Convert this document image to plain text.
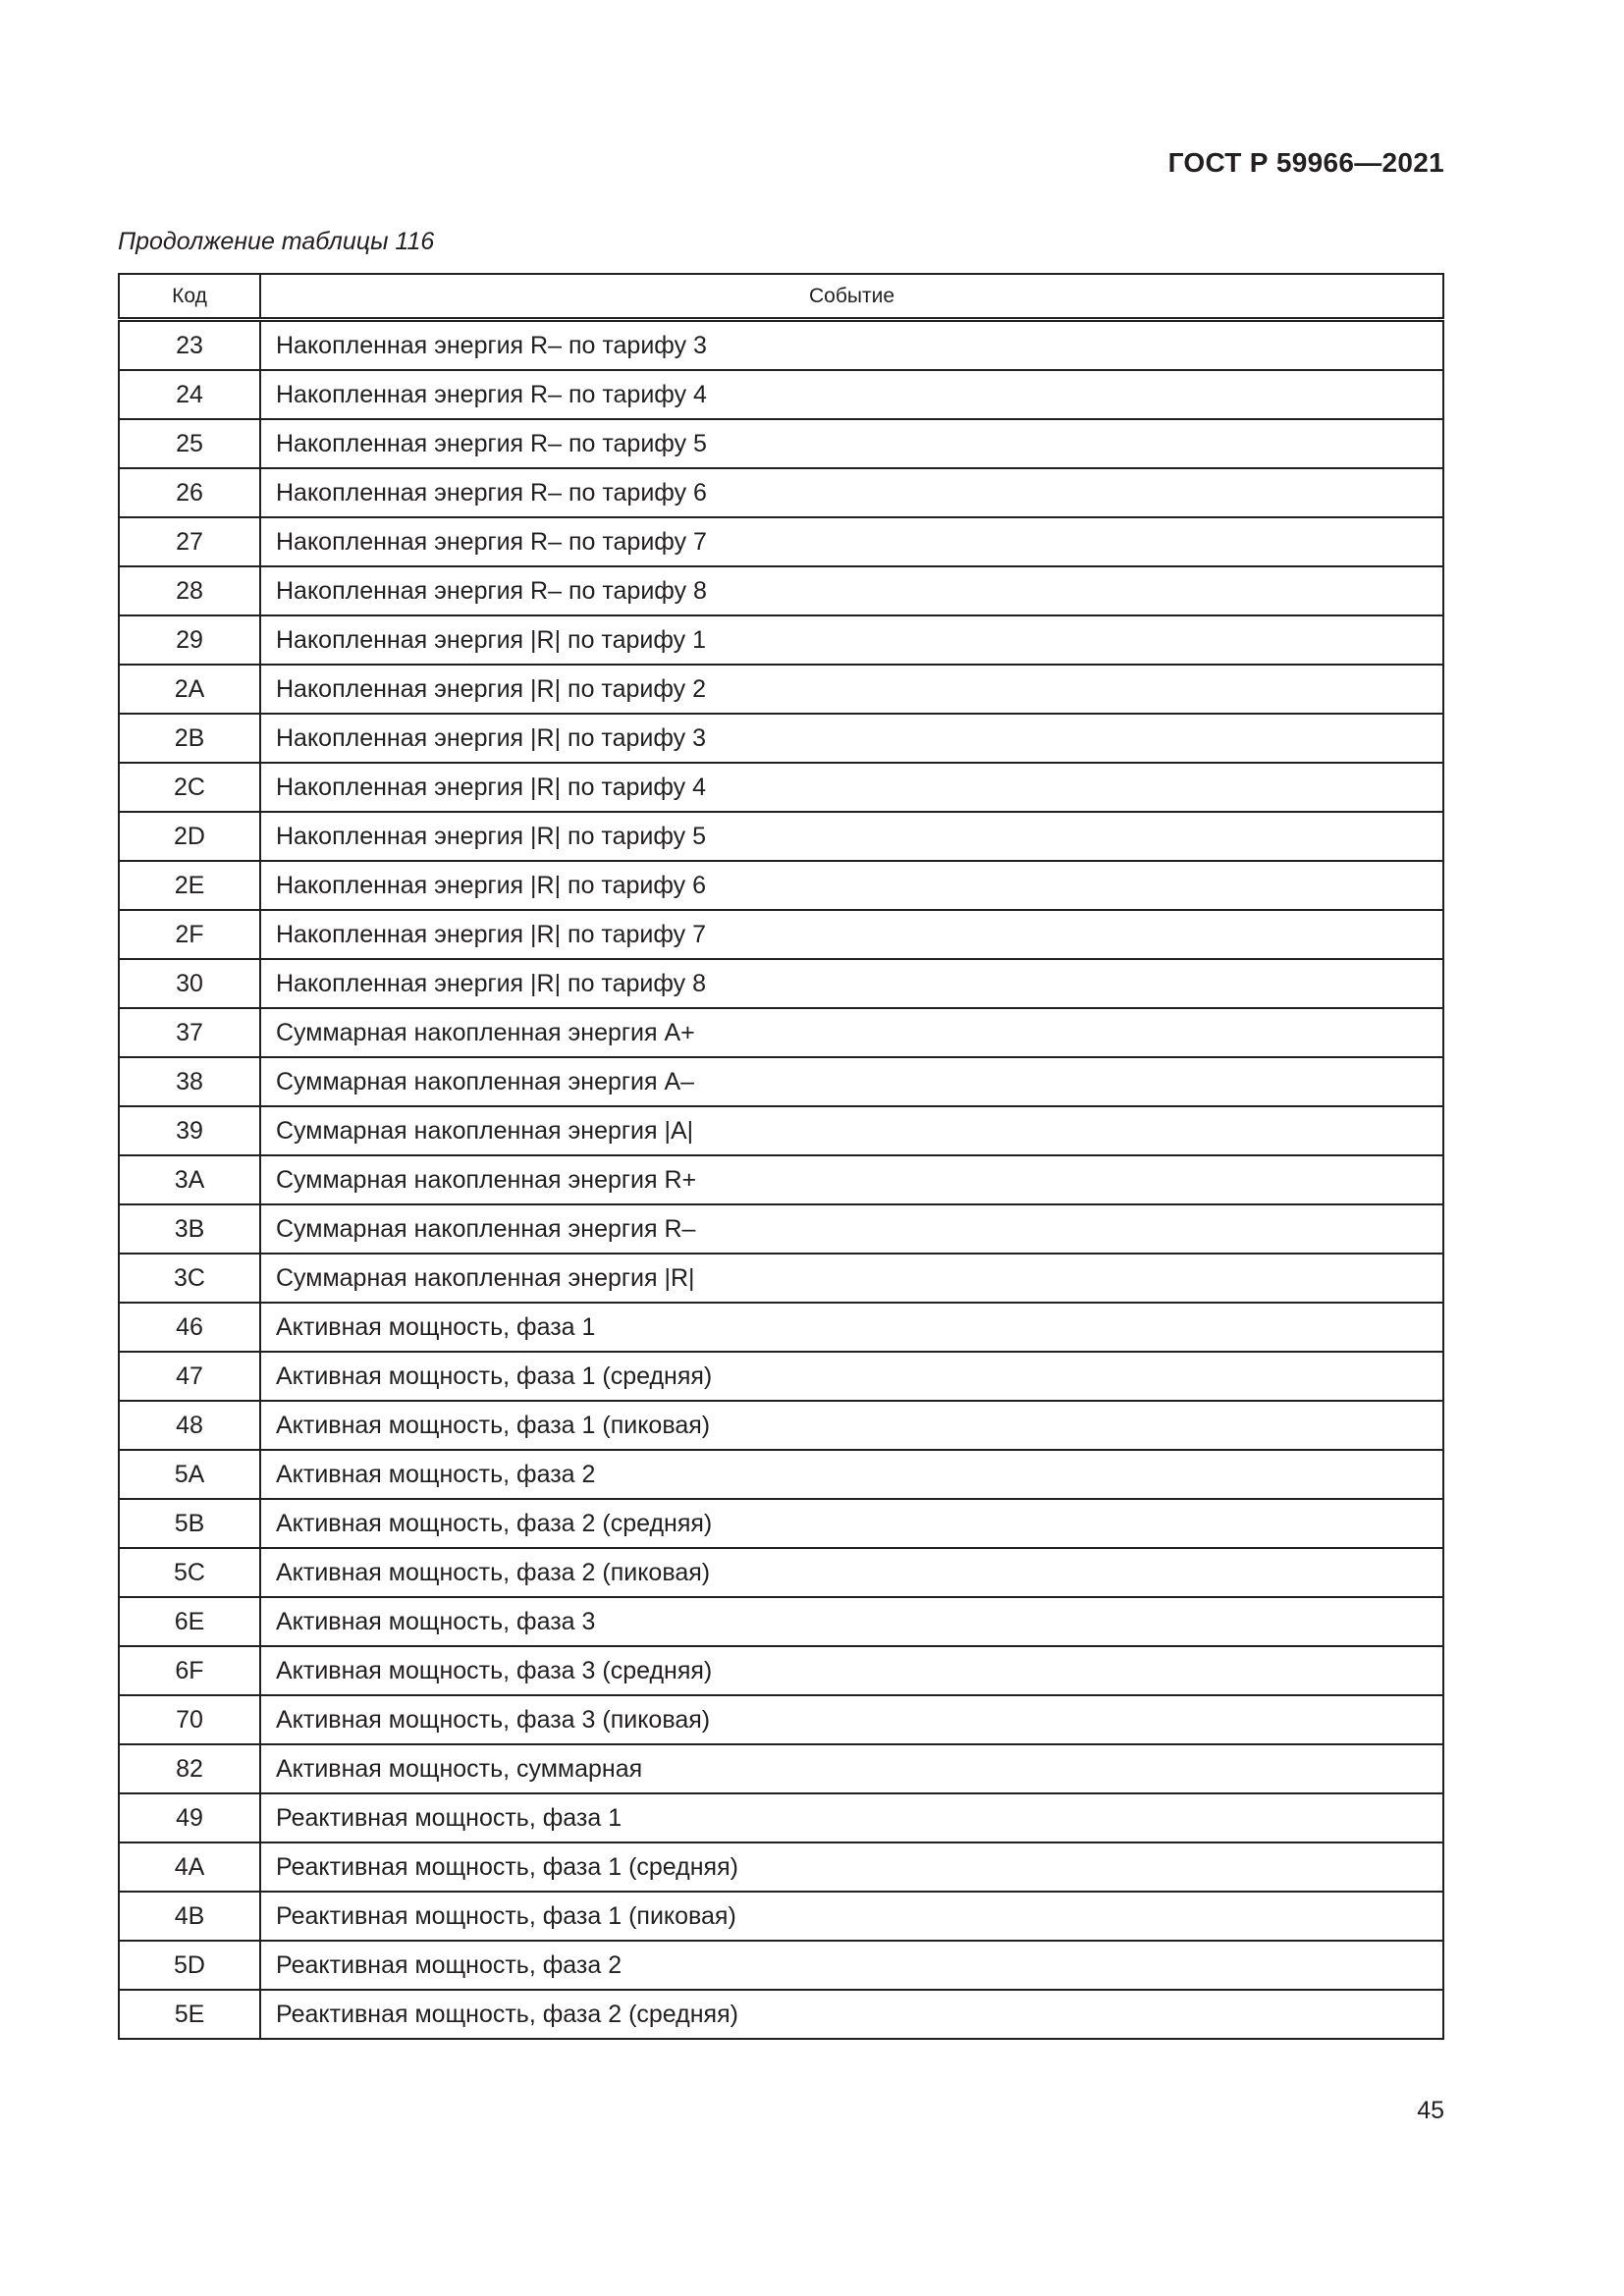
ГОСТ Р 59966—2021
Продолжение таблицы 116
Код	Событие
23	Накопленная энергия R– по тарифу 3
24	Накопленная энергия R– по тарифу 4
25	Накопленная энергия R– по тарифу 5
26	Накопленная энергия R– по тарифу 6
27	Накопленная энергия R– по тарифу 7
28	Накопленная энергия R– по тарифу 8
29	Накопленная энергия |R| по тарифу 1
2A	Накопленная энергия |R| по тарифу 2
2B	Накопленная энергия |R| по тарифу 3
2C	Накопленная энергия |R| по тарифу 4
2D	Накопленная энергия |R| по тарифу 5
2E	Накопленная энергия |R| по тарифу 6
2F	Накопленная энергия |R| по тарифу 7
30	Накопленная энергия |R| по тарифу 8
37	Суммарная накопленная энергия А+
38	Суммарная накопленная энергия А–
39	Суммарная накопленная энергия |А|
3A	Суммарная накопленная энергия R+
3B	Суммарная накопленная энергия R–
3C	Суммарная накопленная энергия |R|
46	Активная мощность, фаза 1
47	Активная мощность, фаза 1 (средняя)
48	Активная мощность, фаза 1 (пиковая)
5A	Активная мощность, фаза 2
5B	Активная мощность, фаза 2 (средняя)
5C	Активная мощность, фаза 2 (пиковая)
6E	Активная мощность, фаза 3
6F	Активная мощность, фаза 3 (средняя)
70	Активная мощность, фаза 3 (пиковая)
82	Активная мощность, суммарная
49	Реактивная мощность, фаза 1
4A	Реактивная мощность, фаза 1 (средняя)
4B	Реактивная мощность, фаза 1 (пиковая)
5D	Реактивная мощность, фаза 2
5E	Реактивная мощность, фаза 2 (средняя)
45
